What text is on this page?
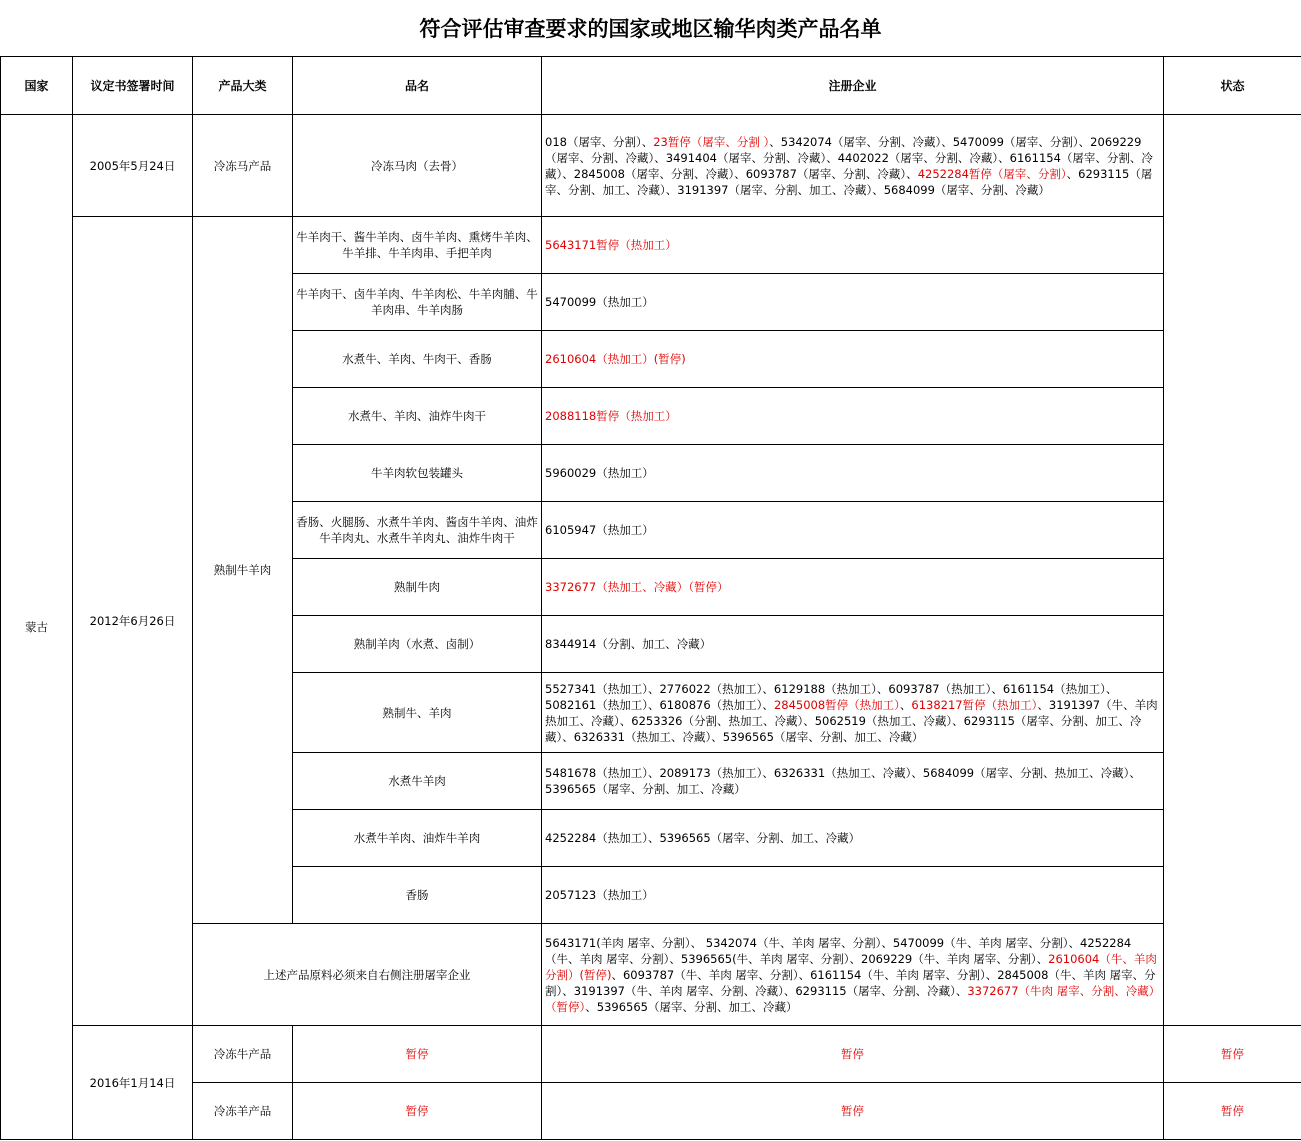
符合评估审查要求的国家或地区输华肉类产品名单
国家	议定书签署时间	产品大类	品名	注册企业	状态
蒙古	2005年5月24日	冷冻马产品	冷冻马肉（去骨）	018（屠宰、分割）、23暂停（屠宰、分割 ）、5342074（屠宰、分割、冷藏）、5470099（屠宰、分割）、2069229（屠宰、分割、冷藏）、3491404（屠宰、分割、冷藏）、4402022（屠宰、分割、冷藏）、6161154（屠宰、分割、冷藏）、2845008（屠宰、分割、冷藏）、6093787（屠宰、分割、冷藏）、4252284暂停（屠宰、分割）、6293115（屠宰、分割、加工、冷藏）、3191397（屠宰、分割、加工、冷藏）、5684099（屠宰、分割、冷藏）	
	2012年6月26日	熟制牛羊肉	牛羊肉干、酱牛羊肉、卤牛羊肉、熏烤牛羊肉、牛羊排、牛羊肉串、手把羊肉	5643171暂停（热加工）	
			牛羊肉干、卤牛羊肉、牛羊肉松、牛羊肉脯、牛羊肉串、牛羊肉肠	5470099（热加工）	
			水煮牛、羊肉、牛肉干、香肠	2610604（热加工）(暂停)	
			水煮牛、羊肉、油炸牛肉干	2088118暂停（热加工）	
			牛羊肉软包装罐头	5960029（热加工）	
			香肠、火腿肠、水煮牛羊肉、酱卤牛羊肉、油炸牛羊肉丸、水煮牛羊肉丸、油炸牛肉干	6105947（热加工）	
			熟制牛肉	3372677（热加工、冷藏）（暂停）	
			熟制羊肉（水煮、卤制）	8344914（分割、加工、冷藏）	
			熟制牛、羊肉	5527341（热加工）、2776022（热加工）、6129188（热加工）、6093787（热加工）、6161154（热加工）、5082161（热加工）、6180876（热加工）、2845008暂停（热加工）、6138217暂停（热加工）、3191397（牛、羊肉 热加工、冷藏）、6253326（分割、热加工、冷藏）、5062519（热加工、冷藏）、6293115（屠宰、分割、加工、冷藏）、6326331（热加工、冷藏）、5396565（屠宰、分割、加工、冷藏）	
			水煮牛羊肉	5481678（热加工）、2089173（热加工）、6326331（热加工、冷藏）、5684099（屠宰、分割、热加工、冷藏）、5396565（屠宰、分割、加工、冷藏）	
			水煮牛羊肉、油炸牛羊肉	4252284（热加工）、5396565（屠宰、分割、加工、冷藏）	
			香肠	2057123（热加工）	
		上述产品原料必须来自右侧注册屠宰企业		5643171(羊肉 屠宰、分割）、 5342074（牛、羊肉 屠宰、分割）、5470099（牛、羊肉 屠宰、分割）、4252284（牛、羊肉 屠宰、分割）、5396565(牛、羊肉 屠宰、分割）、2069229（牛、羊肉 屠宰、分割）、2610604（牛、羊肉 分割）(暂停)、6093787（牛、羊肉 屠宰、分割）、6161154（牛、羊肉 屠宰、分割）、2845008（牛、羊肉 屠宰、分割）、3191397（牛、羊肉 屠宰、分割、冷藏）、6293115（屠宰、分割、冷藏）、3372677（牛肉 屠宰、分割、冷藏）（暂停）、5396565（屠宰、分割、加工、冷藏）	
	2016年1月14日	冷冻牛产品	暂停	暂停	暂停
		冷冻羊产品	暂停	暂停	暂停
